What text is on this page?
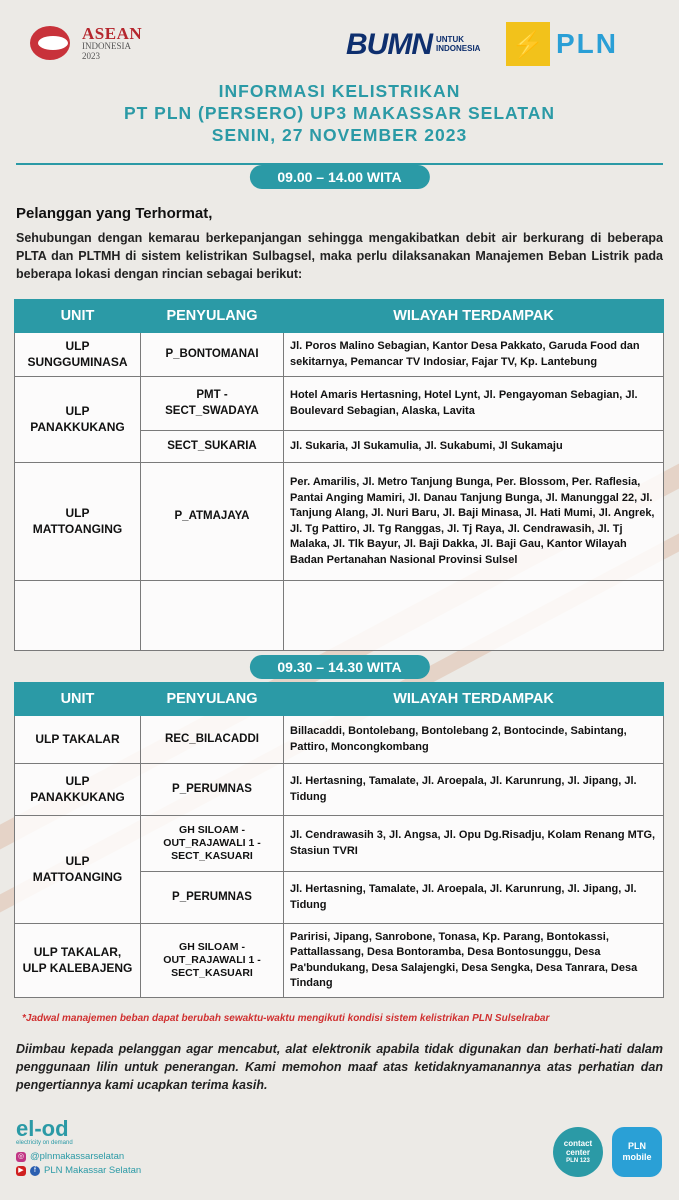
ASEAN
INDONESIA
2023	BUMN UNTUK
INDONESIA ⚡ PLN
INFORMASI KELISTRIKAN
PT PLN (PERSERO) UP3 MAKASSAR SELATAN
SENIN, 27 NOVEMBER 2023
09.00 – 14.00 WITA
Pelanggan yang Terhormat,
Sehubungan dengan kemarau berkepanjangan sehingga mengakibatkan debit air berkurang di beberapa PLTA dan PLTMH di sistem kelistrikan Sulbagsel, maka perlu dilaksanakan Manajemen Beban Listrik pada beberapa lokasi dengan rincian sebagai berikut:
UNIT	PENYULANG	WILAYAH TERDAMPAK
ULP
SUNGGUMINASA	P_BONTOMANAI	Jl. Poros Malino Sebagian, Kantor Desa Pakkato, Garuda Food dan sekitarnya, Pemancar TV Indosiar, Fajar TV, Kp. Lantebung
ULP
PANAKKUKANG	PMT -
SECT_SWADAYA	Hotel Amaris Hertasning, Hotel Lynt, Jl. Pengayoman Sebagian, Jl. Boulevard Sebagian, Alaska, Lavita
	SECT_SUKARIA	Jl. Sukaria, Jl Sukamulia, Jl. Sukabumi, Jl Sukamaju
ULP
MATTOANGING	P_ATMAJAYA	Per. Amarilis, Jl. Metro Tanjung Bunga, Per. Blossom, Per. Raflesia, Pantai Anging Mamiri, Jl. Danau Tanjung Bunga, Jl. Manunggal 22, Jl. Tanjung Alang, Jl. Nuri Baru, Jl. Baji Minasa, Jl. Hati Mumi, Jl. Angrek, Jl. Tg Pattiro, Jl. Tg Ranggas, Jl. Tj Raya, Jl. Cendrawasih, Jl. Tj Malaka, Jl. Tlk Bayur, Jl. Baji Dakka, Jl. Baji Gau, Kantor Wilayah Badan Pertanahan Nasional Provinsi Sulsel

09.30 – 14.30 WITA
UNIT	PENYULANG	WILAYAH TERDAMPAK
ULP TAKALAR	REC_BILACADDI	Billacaddi, Bontolebang, Bontolebang 2, Bontocinde, Sabintang, Pattiro, Moncongkombang
ULP
PANAKKUKANG	P_PERUMNAS	Jl. Hertasning, Tamalate, Jl. Aroepala, Jl. Karunrung, Jl. Jipang, Jl. Tidung
ULP
MATTOANGING	GH SILOAM -
OUT_RAJAWALI 1 -
SECT_KASUARI	Jl. Cendrawasih 3, Jl. Angsa, Jl. Opu Dg.Risadju, Kolam Renang MTG, Stasiun TVRI
	P_PERUMNAS	Jl. Hertasning, Tamalate, Jl. Aroepala, Jl. Karunrung, Jl. Jipang, Jl. Tidung
ULP TAKALAR,
ULP KALEBAJENG	GH SILOAM -
OUT_RAJAWALI 1 -
SECT_KASUARI	Paririsi, Jipang, Sanrobone, Tonasa, Kp. Parang, Bontokassi, Pattallassang, Desa Bontoramba, Desa Bontosunggu, Desa Pa'bundukang, Desa Salajengki, Desa Sengka, Desa Tanrara, Desa Tindang
*Jadwal manajemen beban dapat berubah sewaktu-waktu mengikuti kondisi sistem kelistrikan PLN Sulselrabar
Diimbau kepada pelanggan agar mencabut, alat elektronik apabila tidak digunakan dan berhati-hati dalam penggunaan lilin untuk penerangan. Kami memohon maaf atas ketidaknyamanannya atas perhatian dan pengertiannya kami ucapkan terima kasih.
el-od
electricity on demand
◎ @plnmakassarselatan
▶	f PLN Makassar Selatan
contact
center
PLN 123
PLN
mobile
